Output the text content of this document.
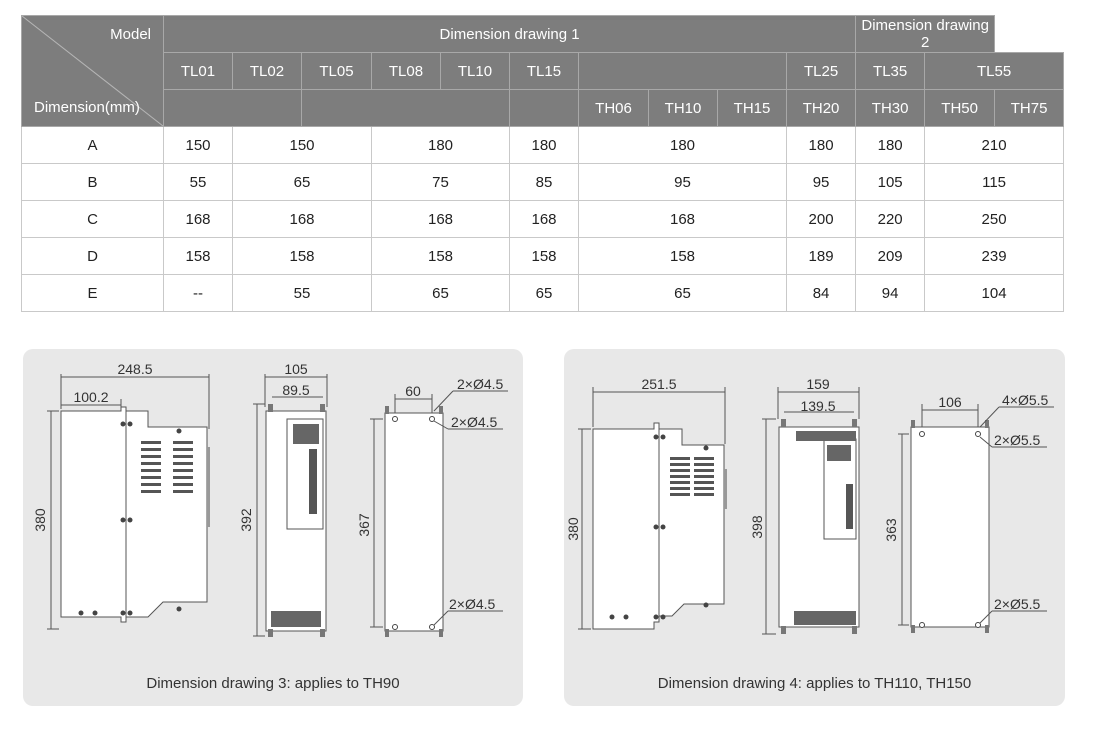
Model
Dimension(mm)	Dimension drawing 1										Dimension drawing 2		
	TL01	TL02	TL05	TL08	TL10	TL15				TL25	TL35	TL55	
							TH06	TH10	TH15	TH20	TH30	TH50	TH75
A	150	150		180		180	180			180	180	210	
B	55	65		75		85	95			95	105	115	
C	168	168		168		168	168			200	220	250	
D	158	158		158		158	158			189	209	239	
E	--	55		65		65	65			84	94	104	
248.5
100.2
380
105
89.5
392
60	2×Ø4.5
2×Ø4.5
2×Ø4.5
367
Dimension drawing 3: applies to TH90
251.5
380
159
139.5
398
106	4×Ø5.5
2×Ø5.5
2×Ø5.5
363
Dimension drawing 4: applies to TH110, TH150
